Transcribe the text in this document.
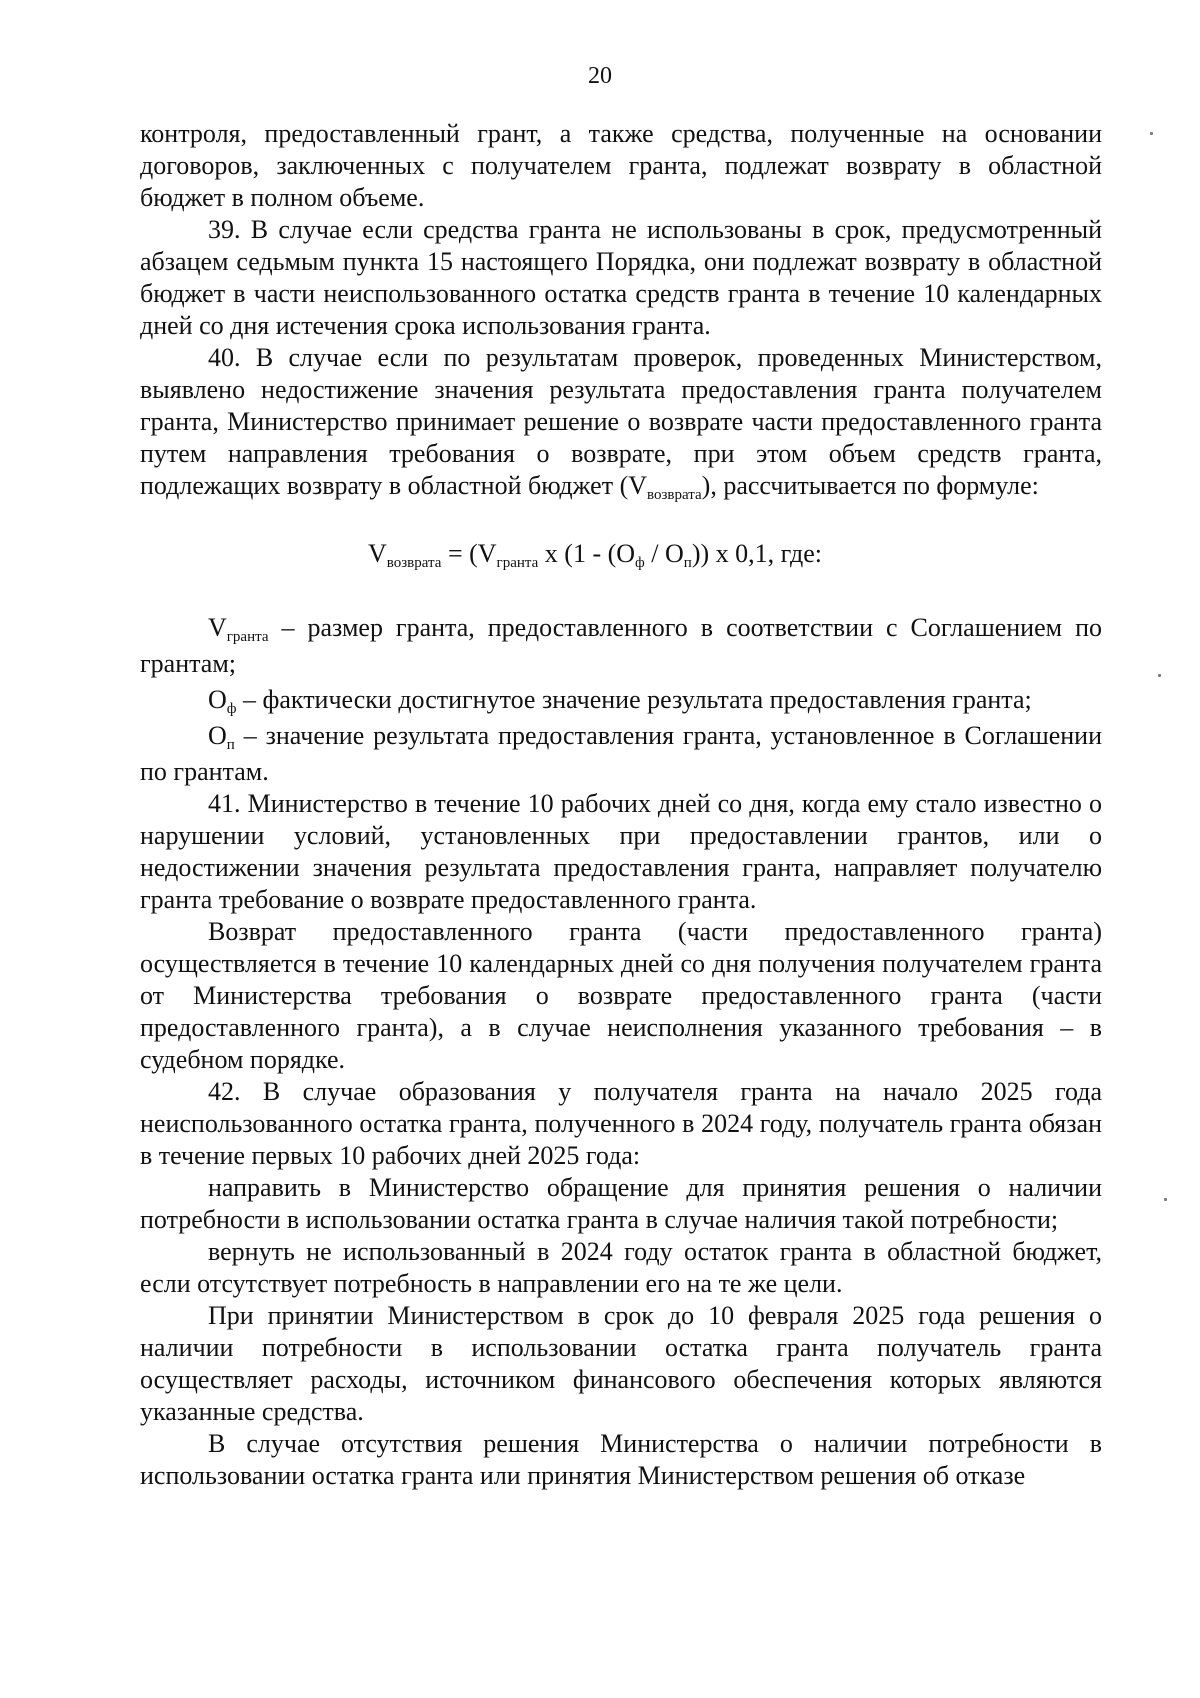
20

контроля, предоставленный грант, а также средства, полученные на основании договоров, заключенных с получателем гранта, подлежат возврату в областной бюджет в полном объеме.

39. В случае если средства гранта не использованы в срок, предусмотренный абзацем седьмым пункта 15 настоящего Порядка, они подлежат возврату в областной бюджет в части неиспользованного остатка средств гранта в течение 10 календарных дней со дня истечения срока использования гранта.

40. В случае если по результатам проверок, проведенных Министерством, выявлено недостижение значения результата предоставления гранта получателем гранта, Министерство принимает решение о возврате части предоставленного гранта путем направления требования о возврате, при этом объем средств гранта, подлежащих возврату в областной бюджет $(V_{возврата})$, рассчитывается по формуле:

$V_{возврата} = (V_{гранта}$ x $(1 - (O_ф / O_п))$ x 0,1, где:

$V_{гранта}$ – размер гранта, предоставленного в соответствии с Соглашением по грантам;

$O_ф$ – фактически достигнутое значение результата предоставления гранта;

$O_п$ – значение результата предоставления гранта, установленное в Соглашении по грантам.

41. Министерство в течение 10 рабочих дней со дня, когда ему стало известно о нарушении условий, установленных при предоставлении грантов, или о недостижении значения результата предоставления гранта, направляет получателю гранта требование о возврате предоставленного гранта.

Возврат предоставленного гранта (части предоставленного гранта) осуществляется в течение 10 календарных дней со дня получения получателем гранта от Министерства требования о возврате предоставленного гранта (части предоставленного гранта), а в случае неисполнения указанного требования – в судебном порядке.

42. В случае образования у получателя гранта на начало 2025 года неиспользованного остатка гранта, полученного в 2024 году, получатель гранта обязан в течение первых 10 рабочих дней 2025 года:

направить в Министерство обращение для принятия решения о наличии потребности в использовании остатка гранта в случае наличия такой потребности;

вернуть не использованный в 2024 году остаток гранта в областной бюджет, если отсутствует потребность в направлении его на те же цели.

При принятии Министерством в срок до 10 февраля 2025 года решения о наличии потребности в использовании остатка гранта получатель гранта осуществляет расходы, источником финансового обеспечения которых являются указанные средства.

В случае отсутствия решения Министерства о наличии потребности в использовании остатка гранта или принятия Министерством решения об отказе
